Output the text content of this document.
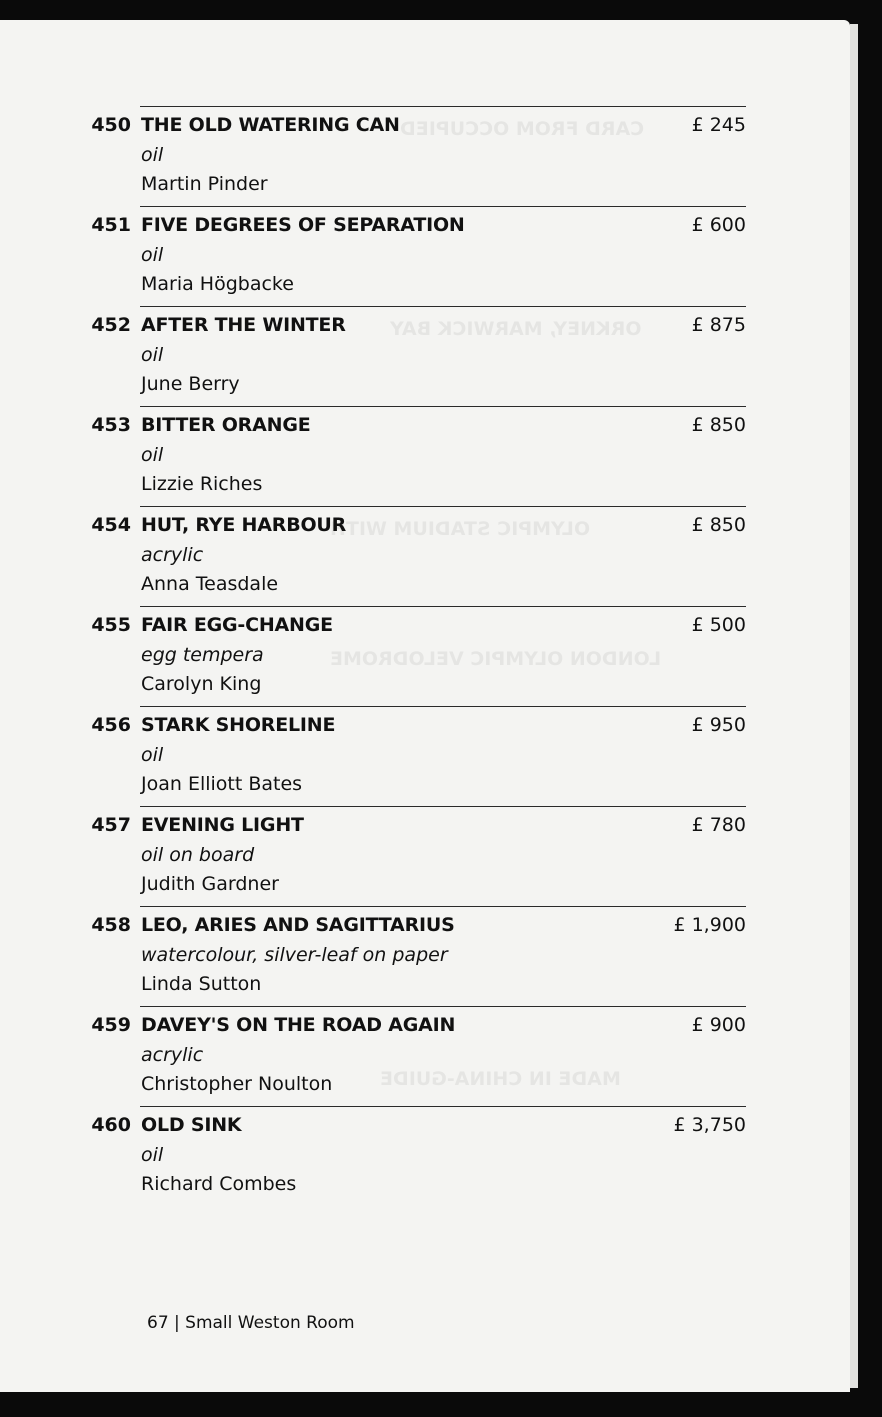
CARD FROM OCCUPIED
ORKNEY, MARWICK BAY
OLYMPIC STADIUM WITH
LONDON OLYMPIC VELODROME
MADE IN CHINA-GUIDE
450 THE OLD WATERING CAN
oil
Martin Pinder
£ 245
451 FIVE DEGREES OF SEPARATION
oil
Maria Högbacke
£ 600
452 AFTER THE WINTER
oil
June Berry
£ 875
453 BITTER ORANGE
oil
Lizzie Riches
£ 850
454 HUT, RYE HARBOUR
acrylic
Anna Teasdale
£ 850
455 FAIR EGG-CHANGE
egg tempera
Carolyn King
£ 500
456 STARK SHORELINE
oil
Joan Elliott Bates
£ 950
457 EVENING LIGHT
oil on board
Judith Gardner
£ 780
458 LEO, ARIES AND SAGITTARIUS
watercolour, silver-leaf on paper
Linda Sutton
£ 1,900
459 DAVEY'S ON THE ROAD AGAIN
acrylic
Christopher Noulton
£ 900
460 OLD SINK
oil
Richard Combes
£ 3,750
67 | Small Weston Room
